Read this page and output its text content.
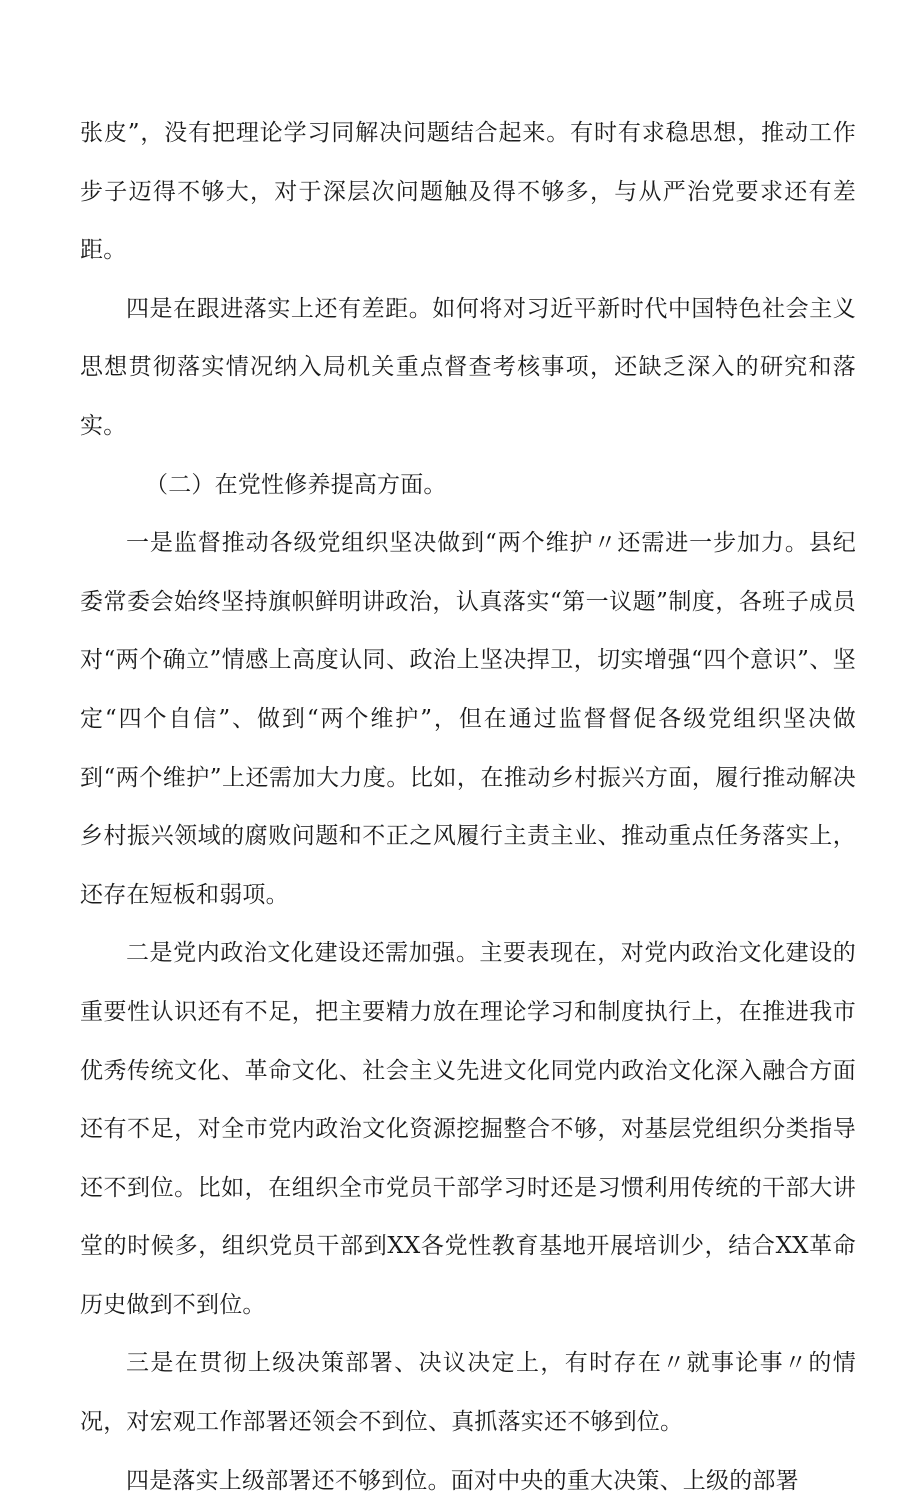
张皮”，没有把理论学习同解决问题结合起来。有时有求稳思想，推动工作步子迈得不够大，对于深层次问题触及得不够多，与从严治党要求还有差距。

四是在跟进落实上还有差距。如何将对习近平新时代中国特色社会主义思想贯彻落实情况纳入局机关重点督查考核事项，还缺乏深入的研究和落实。

（二）在党性修养提高方面。

一是监督推动各级党组织坚决做到“两个维护〃还需进一步加力。县纪委常委会始终坚持旗帜鲜明讲政治，认真落实“第一议题”制度，各班子成员对“两个确立”情感上高度认同、政治上坚决捍卫，切实增强“四个意识”、坚定“四个自信”、做到“两个维护”，但在通过监督督促各级党组织坚决做到“两个维护”上还需加大力度。比如，在推动乡村振兴方面，履行推动解决乡村振兴领域的腐败问题和不正之风履行主责主业、推动重点任务落实上，还存在短板和弱项。

二是党内政治文化建设还需加强。主要表现在，对党内政治文化建设的重要性认识还有不足，把主要精力放在理论学习和制度执行上，在推进我市优秀传统文化、革命文化、社会主义先进文化同党内政治文化深入融合方面还有不足，对全市党内政治文化资源挖掘整合不够，对基层党组织分类指导还不到位。比如，在组织全市党员干部学习时还是习惯利用传统的干部大讲堂的时候多，组织党员干部到XX各党性教育基地开展培训少，结合XX革命历史做到不到位。

三是在贯彻上级决策部署、决议决定上，有时存在〃就事论事〃的情况，对宏观工作部署还领会不到位、真抓落实还不够到位。

四是落实上级部署还不够到位。面对中央的重大决策、上级的部署
